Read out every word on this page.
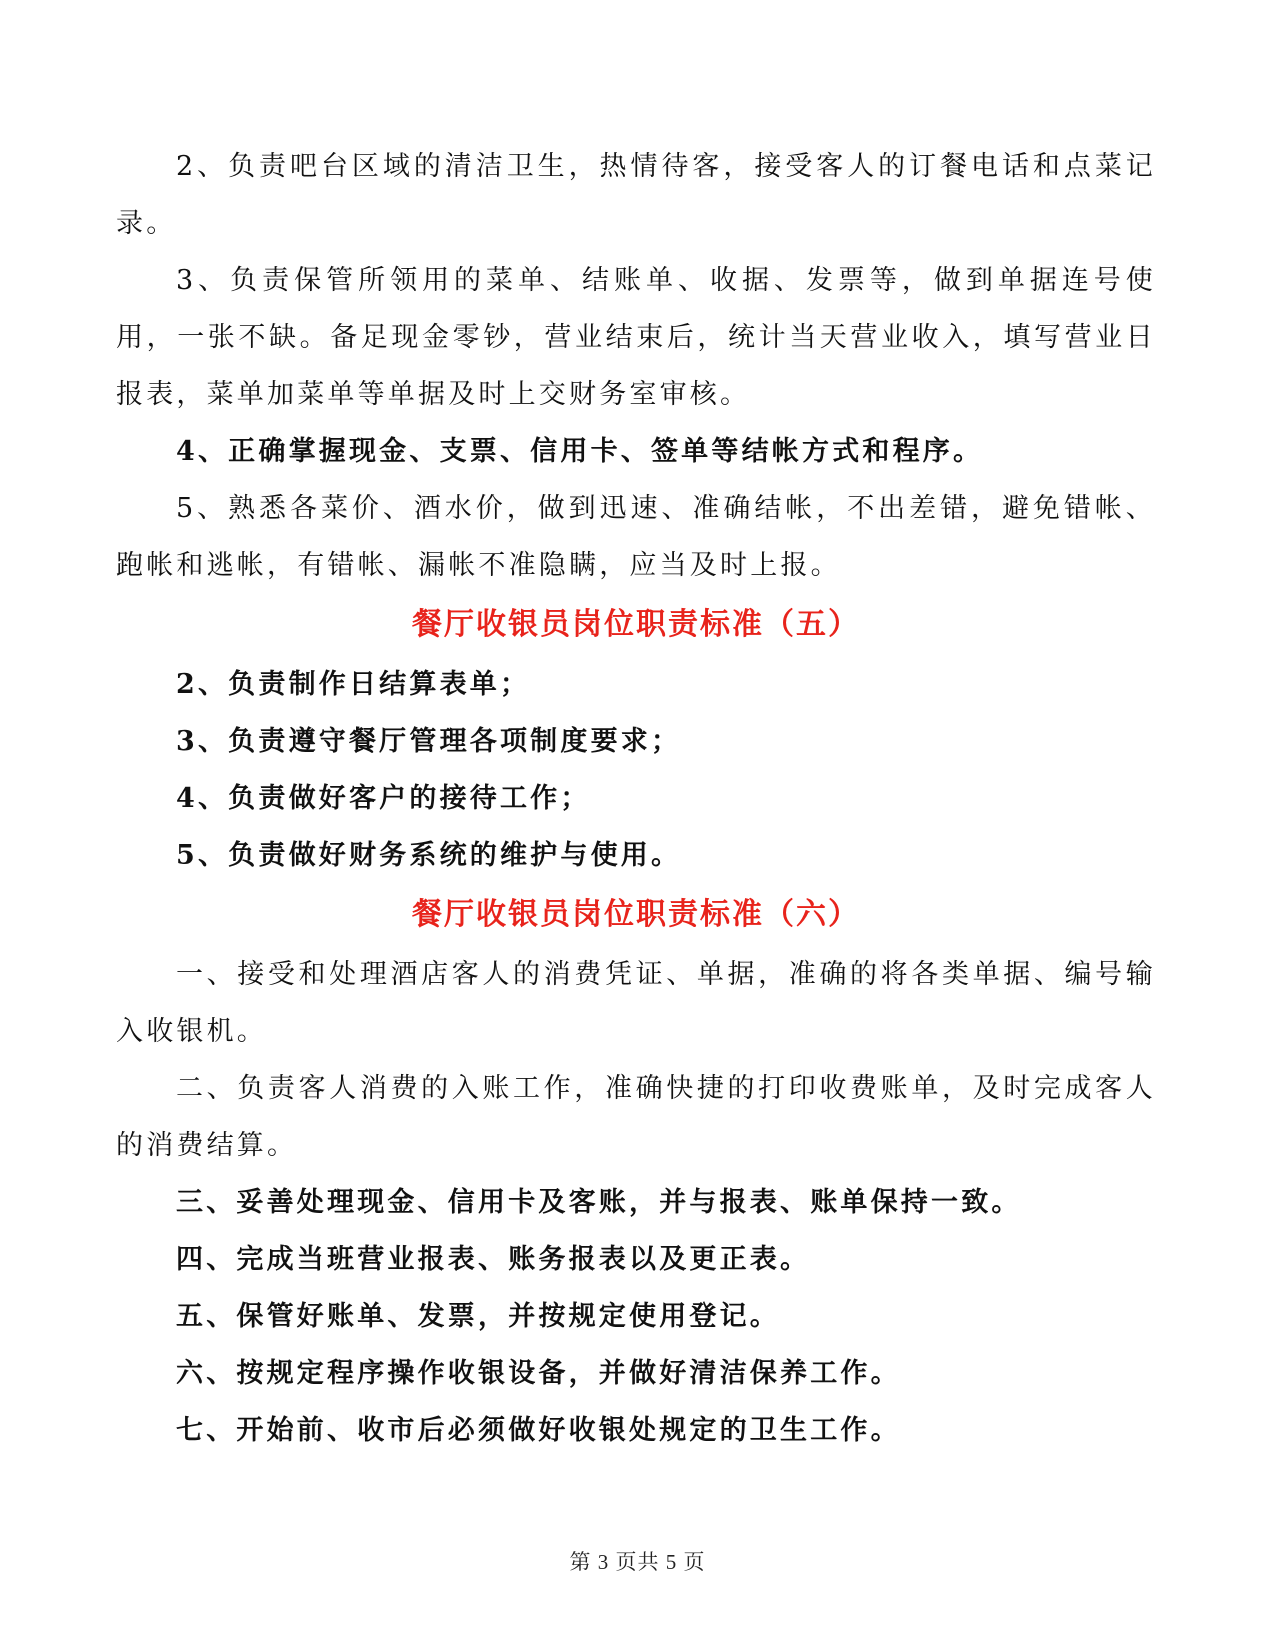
2、负责吧台区域的清洁卫生，热情待客，接受客人的订餐电话和点菜记录。

3、负责保管所领用的菜单、结账单、收据、发票等，做到单据连号使用，一张不缺。备足现金零钞，营业结束后，统计当天营业收入，填写营业日报表，菜单加菜单等单据及时上交财务室审核。

4、正确掌握现金、支票、信用卡、签单等结帐方式和程序。

5、熟悉各菜价、酒水价，做到迅速、准确结帐，不出差错，避免错帐、跑帐和逃帐，有错帐、漏帐不准隐瞒，应当及时上报。

餐厅收银员岗位职责标准（五）

2、负责制作日结算表单；

3、负责遵守餐厅管理各项制度要求；

4、负责做好客户的接待工作；

5、负责做好财务系统的维护与使用。

餐厅收银员岗位职责标准（六）

一、接受和处理酒店客人的消费凭证、单据，准确的将各类单据、编号输入收银机。

二、负责客人消费的入账工作，准确快捷的打印收费账单，及时完成客人的消费结算。

三、妥善处理现金、信用卡及客账，并与报表、账单保持一致。

四、完成当班营业报表、账务报表以及更正表。

五、保管好账单、发票，并按规定使用登记。

六、按规定程序操作收银设备，并做好清洁保养工作。

七、开始前、收市后必须做好收银处规定的卫生工作。

第 3 页共 5 页
